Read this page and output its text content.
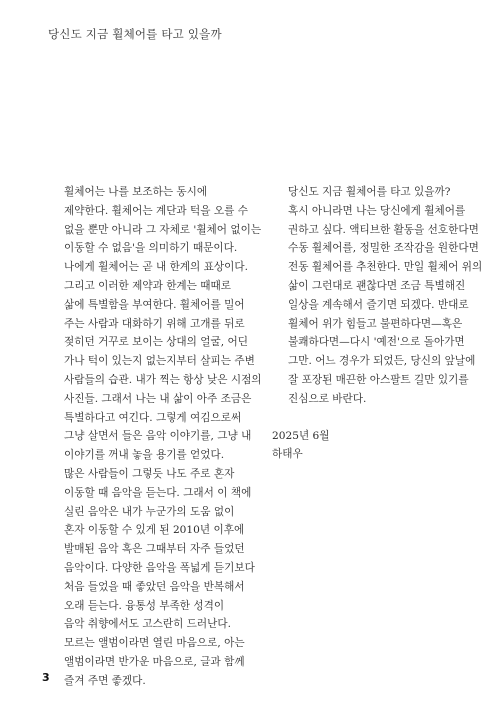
당신도 지금 휠체어를 타고 있을까

휠체어는 나를 보조하는 동시에
제약한다. 휠체어는 계단과 턱을 오를 수
없을 뿐만 아니라 그 자체로 '휠체어 없이는
이동할 수 없음'을 의미하기 때문이다.
나에게 휠체어는 곧 내 한계의 표상이다.
그리고 이러한 제약과 한계는 때때로
삶에 특별함을 부여한다. 휠체어를 밀어
주는 사람과 대화하기 위해 고개를 뒤로
젖히던 거꾸로 보이는 상대의 얼굴, 어딘
가나 턱이 있는지 없는지부터 살피는 주변
사람들의 습관. 내가 찍는 항상 낮은 시점의
사진들. 그래서 나는 내 삶이 아주 조금은
특별하다고 여긴다. 그렇게 여김으로써
그냥 살면서 들은 음악 이야기를, 그냥 내
이야기를 꺼내 놓을 용기를 얻었다.

많은 사람들이 그렇듯 나도 주로 혼자
이동할 때 음악을 듣는다. 그래서 이 책에
실린 음악은 내가 누군가의 도움 없이
혼자 이동할 수 있게 된 2010년 이후에
발매된 음악 혹은 그때부터 자주 들었던
음악이다. 다양한 음악을 폭넓게 듣기보다
처음 들었을 때 좋았던 음악을 반복해서
오래 듣는다. 융통성 부족한 성격이
음악 취향에서도 고스란히 드러난다.
모르는 앨범이라면 열린 마음으로, 아는
앨범이라면 반가운 마음으로, 글과 함께
즐겨 주면 좋겠다.

당신도 지금 휠체어를 타고 있을까?
혹시 아니라면 나는 당신에게 휠체어를
권하고 싶다. 액티브한 활동을 선호한다면
수동 휠체어를, 정밀한 조작감을 원한다면
전동 휠체어를 추천한다. 만일 휠체어 위의
삶이 그런대로 괜찮다면 조금 특별해진
일상을 계속해서 즐기면 되겠다. 반대로
휠체어 위가 힘들고 불편하다면—혹은
불쾌하다면—다시 '예전'으로 돌아가면
그만. 어느 경우가 되었든, 당신의 앞날에
잘 포장된 매끈한 아스팔트 길만 있기를
진심으로 바란다.

2025년 6월
하태우
3
